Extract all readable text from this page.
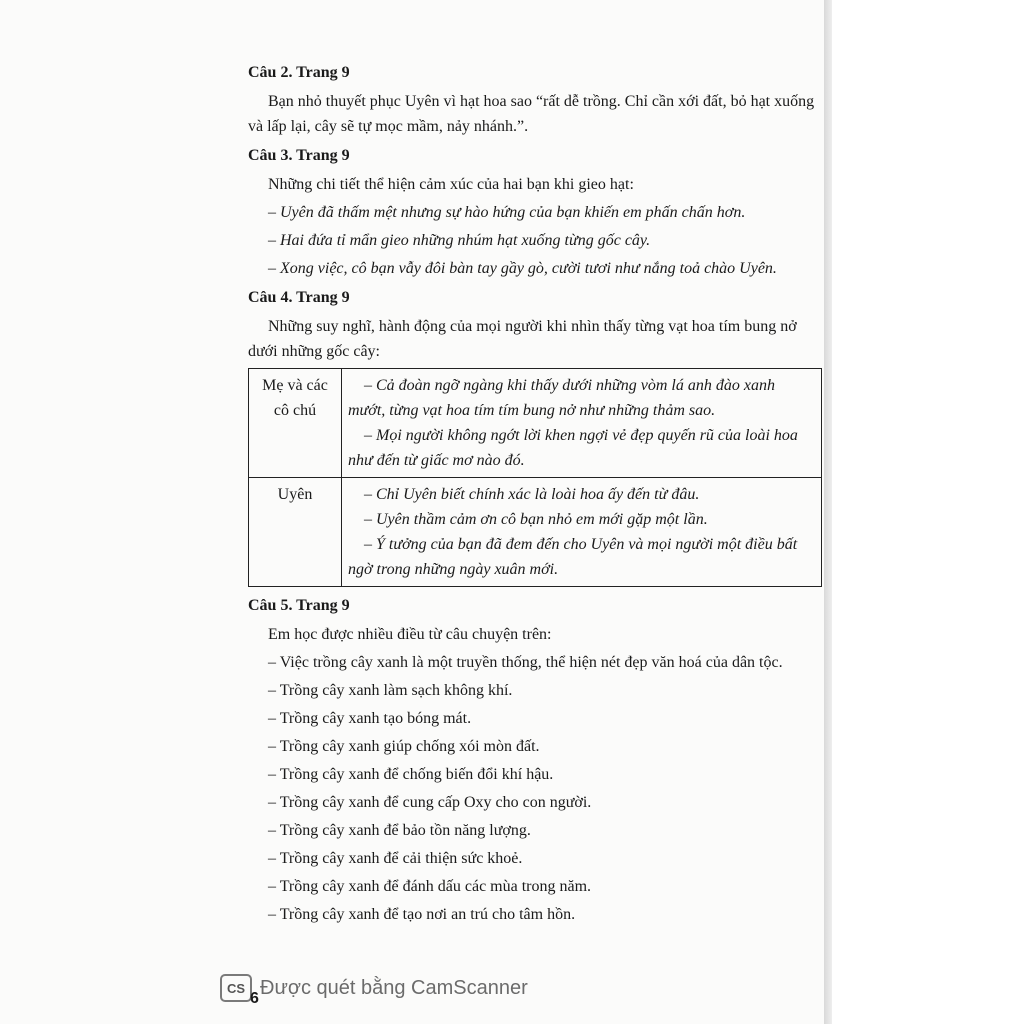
Câu 2. Trang 9
Bạn nhỏ thuyết phục Uyên vì hạt hoa sao “rất dễ trồng. Chỉ cần xới đất, bỏ hạt xuống và lấp lại, cây sẽ tự mọc mầm, nảy nhánh.”.
Câu 3. Trang 9
Những chi tiết thể hiện cảm xúc của hai bạn khi gieo hạt:
– Uyên đã thấm mệt nhưng sự hào hứng của bạn khiến em phấn chấn hơn.
– Hai đứa tỉ mẩn gieo những nhúm hạt xuống từng gốc cây.
– Xong việc, cô bạn vẫy đôi bàn tay gầy gò, cười tươi như nắng toả chào Uyên.
Câu 4. Trang 9
Những suy nghĩ, hành động của mọi người khi nhìn thấy từng vạt hoa tím bung nở dưới những gốc cây:
Mẹ và các cô chú	– Cả đoàn ngỡ ngàng khi thấy dưới những vòm lá anh đào xanh mướt, từng vạt hoa tím tím bung nở như những thảm sao.
– Mọi người không ngớt lời khen ngợi vẻ đẹp quyến rũ của loài hoa như đến từ giấc mơ nào đó.

Uyên	– Chỉ Uyên biết chính xác là loài hoa ấy đến từ đâu.
– Uyên thầm cảm ơn cô bạn nhỏ em mới gặp một lần.
– Ý tưởng của bạn đã đem đến cho Uyên và mọi người một điều bất ngờ trong những ngày xuân mới.
Câu 5. Trang 9
Em học được nhiều điều từ câu chuyện trên:
– Việc trồng cây xanh là một truyền thống, thể hiện nét đẹp văn hoá của dân tộc.
– Trồng cây xanh làm sạch không khí.
– Trồng cây xanh tạo bóng mát.
– Trồng cây xanh giúp chống xói mòn đất.
– Trồng cây xanh để chống biến đổi khí hậu.
– Trồng cây xanh để cung cấp Oxy cho con người.
– Trồng cây xanh để bảo tồn năng lượng.
– Trồng cây xanh để cải thiện sức khoẻ.
– Trồng cây xanh để đánh dấu các mùa trong năm.
– Trồng cây xanh để tạo nơi an trú cho tâm hồn.
CS Được quét bằng CamScanner
6
